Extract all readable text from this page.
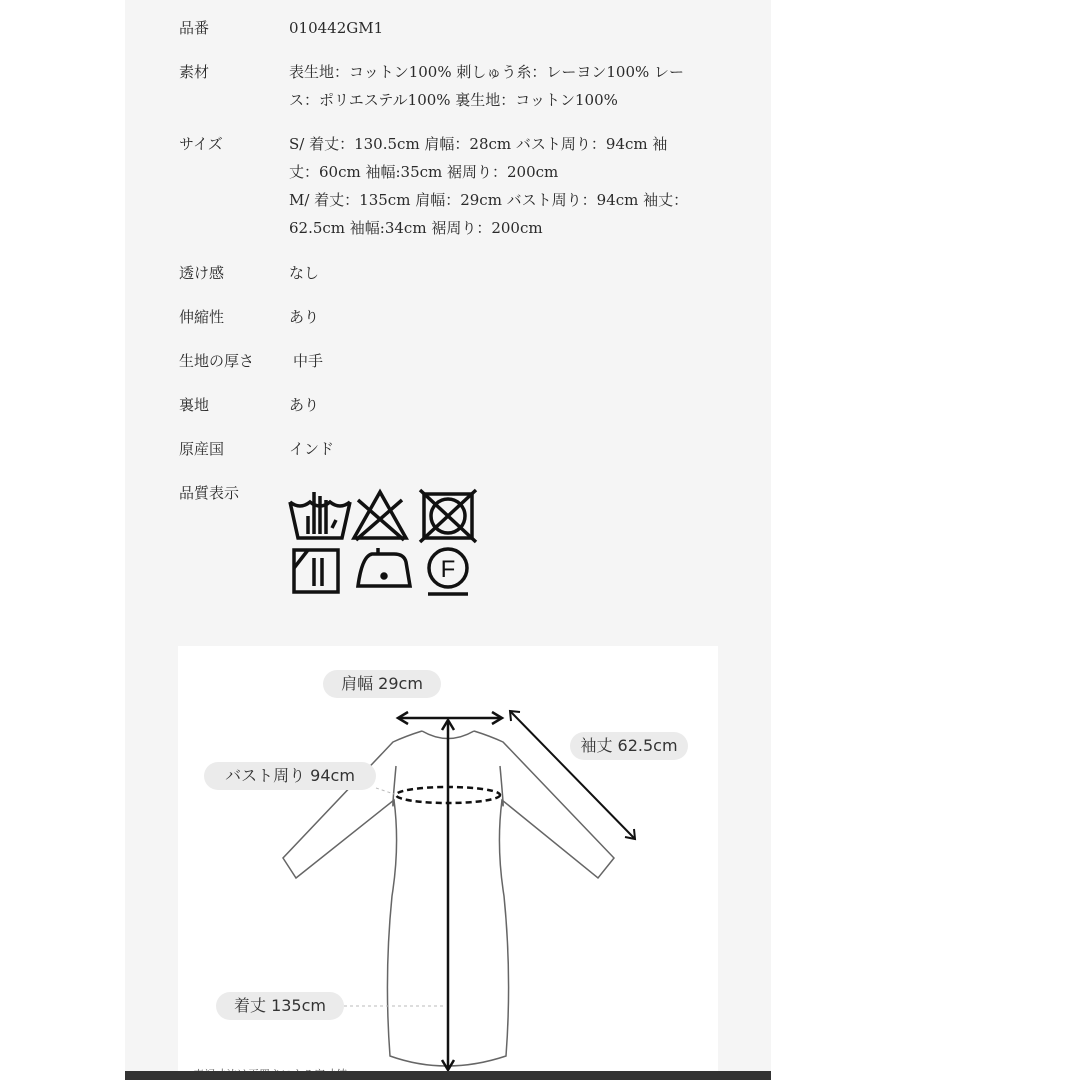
品番	010442GM1
素材	表生地：コットン100% 刺しゅう糸：レーヨン100% レー
ス：ポリエステル100% 裏生地：コットン100%
サイズ	S/ 着丈：130.5cm 肩幅：28cm バスト周り：94cm 袖
丈：60cm 袖幅:35cm 裾周り：200cm
M/ 着丈：135cm 肩幅：29cm バスト周り：94cm 袖丈：
62.5cm 袖幅:34cm 裾周り：200cm
透け感	なし
伸縮性	あり
生地の厚さ	中手
裏地	あり
原産国	インド
品質表示
F
肩幅 29cm
袖丈 62.5cm
バスト周り 94cm
着丈 135cm
